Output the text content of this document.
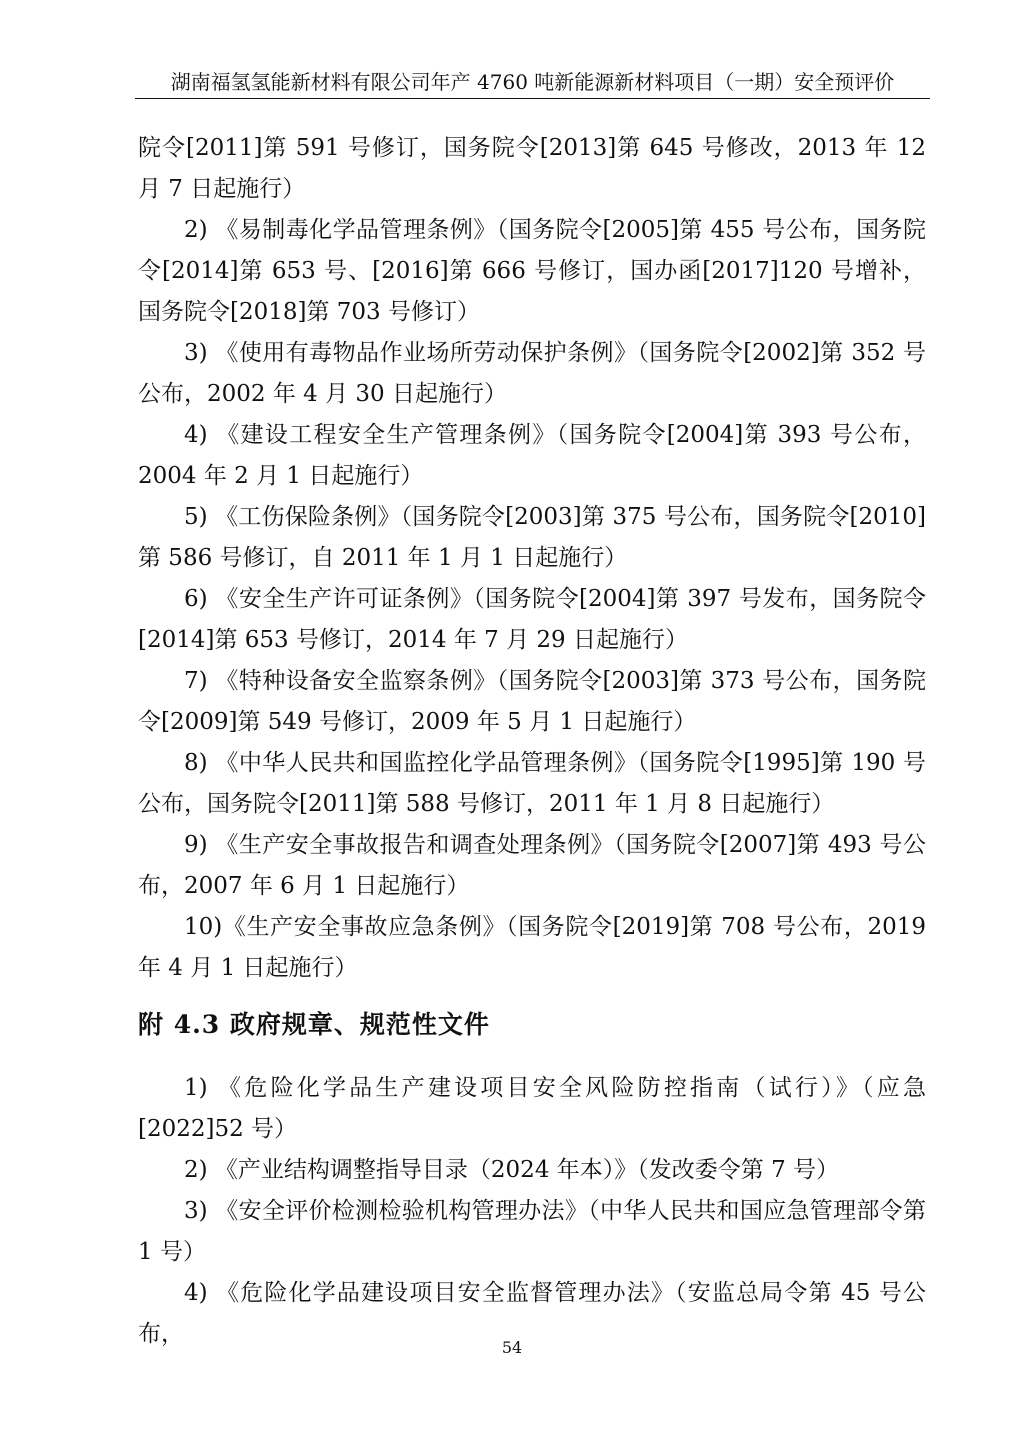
湖南福氢氢能新材料有限公司年产 4760 吨新能源新材料项目（一期）安全预评价

院令[2011]第 591 号修订，国务院令[2013]第 645 号修改，2013 年 12 月 7 日起施行）

2) 《易制毒化学品管理条例》（国务院令[2005]第 455 号公布，国务院令[2014]第 653 号、[2016]第 666 号修订，国办函[2017]120 号增补，国务院令[2018]第 703 号修订）

3) 《使用有毒物品作业场所劳动保护条例》（国务院令[2002]第 352 号公布，2002 年 4 月 30 日起施行）

4) 《建设工程安全生产管理条例》（国务院令[2004]第 393 号公布，2004 年 2 月 1 日起施行）

5) 《工伤保险条例》（国务院令[2003]第 375 号公布，国务院令[2010]第 586 号修订，自 2011 年 1 月 1 日起施行）

6) 《安全生产许可证条例》（国务院令[2004]第 397 号发布，国务院令[2014]第 653 号修订，2014 年 7 月 29 日起施行）

7) 《特种设备安全监察条例》（国务院令[2003]第 373 号公布，国务院令[2009]第 549 号修订，2009 年 5 月 1 日起施行）

8) 《中华人民共和国监控化学品管理条例》（国务院令[1995]第 190 号公布，国务院令[2011]第 588 号修订，2011 年 1 月 8 日起施行）

9) 《生产安全事故报告和调查处理条例》（国务院令[2007]第 493 号公布，2007 年 6 月 1 日起施行）

10)《生产安全事故应急条例》（国务院令[2019]第 708 号公布，2019 年 4 月 1 日起施行）

附 4.3 政府规章、规范性文件

1) 《危险化学品生产建设项目安全风险防控指南（试行）》（应急[2022]52 号）

2) 《产业结构调整指导目录（2024 年本）》（发改委令第 7 号）

3) 《安全评价检测检验机构管理办法》（中华人民共和国应急管理部令第 1 号）

4) 《危险化学品建设项目安全监督管理办法》（安监总局令第 45 号公布，

54
